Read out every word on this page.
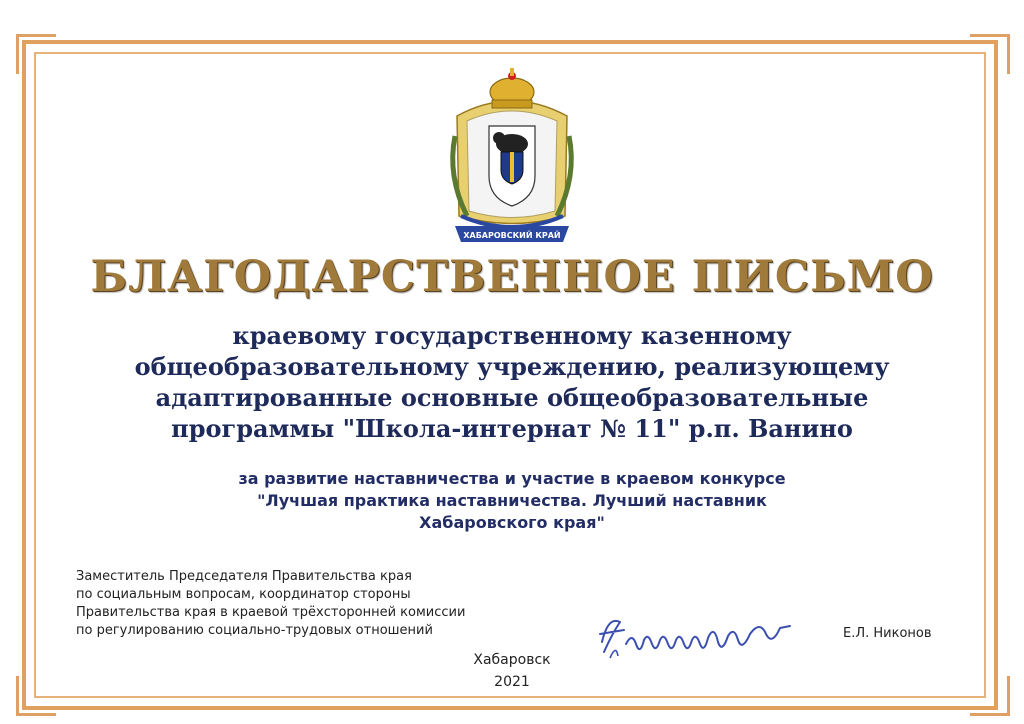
ХАБАРОВСКИЙ КРАЙ
БЛАГОДАРСТВЕННОЕ ПИСЬМО
краевому государственному казенному
общеобразовательному учреждению, реализующему
адаптированные основные общеобразовательные
программы "Школа-интернат № 11" р.п. Ванино
за развитие наставничества и участие в краевом конкурсе
"Лучшая практика наставничества. Лучший наставник
Хабаровского края"
Заместитель Председателя Правительства края
по социальным вопросам, координатор стороны
Правительства края в краевой трёхсторонней комиссии
по регулированию социально-трудовых отношений	Е.Л. Никонов
Хабаровск
2021
